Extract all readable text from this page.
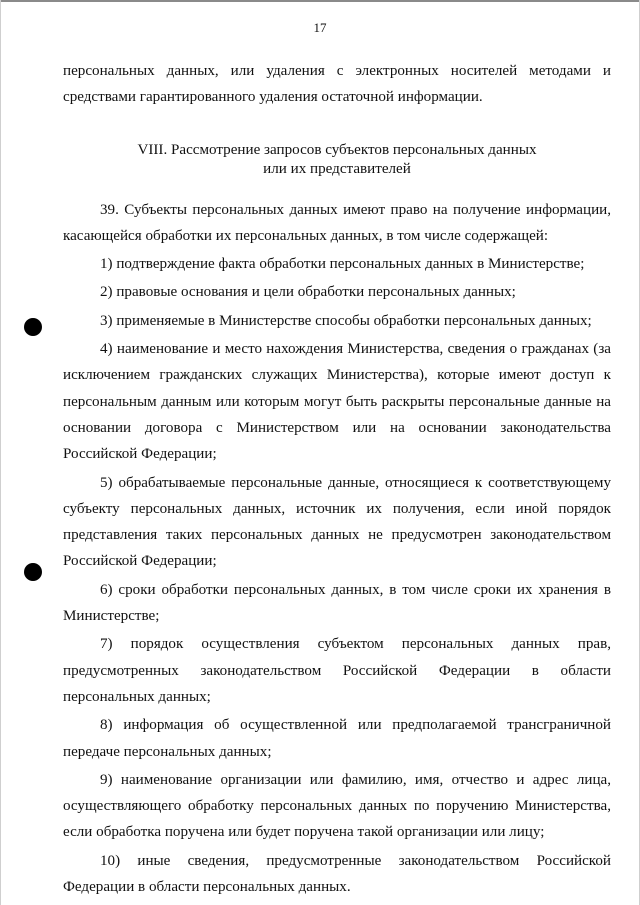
17

персональных данных, или удаления с электронных носителей методами и

средствами гарантированного удаления остаточной информации.

VIII. Рассмотрение запросов субъектов персональных данных
или их представителей

39. Субъекты персональных данных имеют право на получение информации, касающейся обработки их персональных данных, в том числе содержащей:

1) подтверждение факта обработки персональных данных в Министерстве;

2) правовые основания и цели обработки персональных данных;

3) применяемые в Министерстве способы обработки персональных данных;

4) наименование и место нахождения Министерства, сведения о гражданах (за исключением гражданских служащих Министерства), которые имеют доступ к персональным данным или которым могут быть раскрыты персональные данные на основании договора с Министерством или на основании законодательства Российской Федерации;

5) обрабатываемые персональные данные, относящиеся к соответствующему субъекту персональных данных, источник их получения, если иной порядок представления таких персональных данных не предусмотрен законодательством Российской Федерации;

6) сроки обработки персональных данных, в том числе сроки их хранения в Министерстве;

7) порядок осуществления субъектом персональных данных прав, предусмотренных законодательством Российской Федерации в области персональных данных;

8) информация об осуществленной или предполагаемой трансграничной передаче персональных данных;

9) наименование организации или фамилию, имя, отчество и адрес лица, осуществляющего обработку персональных данных по поручению Министерства, если обработка поручена или будет поручена такой организации или лицу;

10) иные сведения, предусмотренные законодательством Российской Федерации в области персональных данных.
